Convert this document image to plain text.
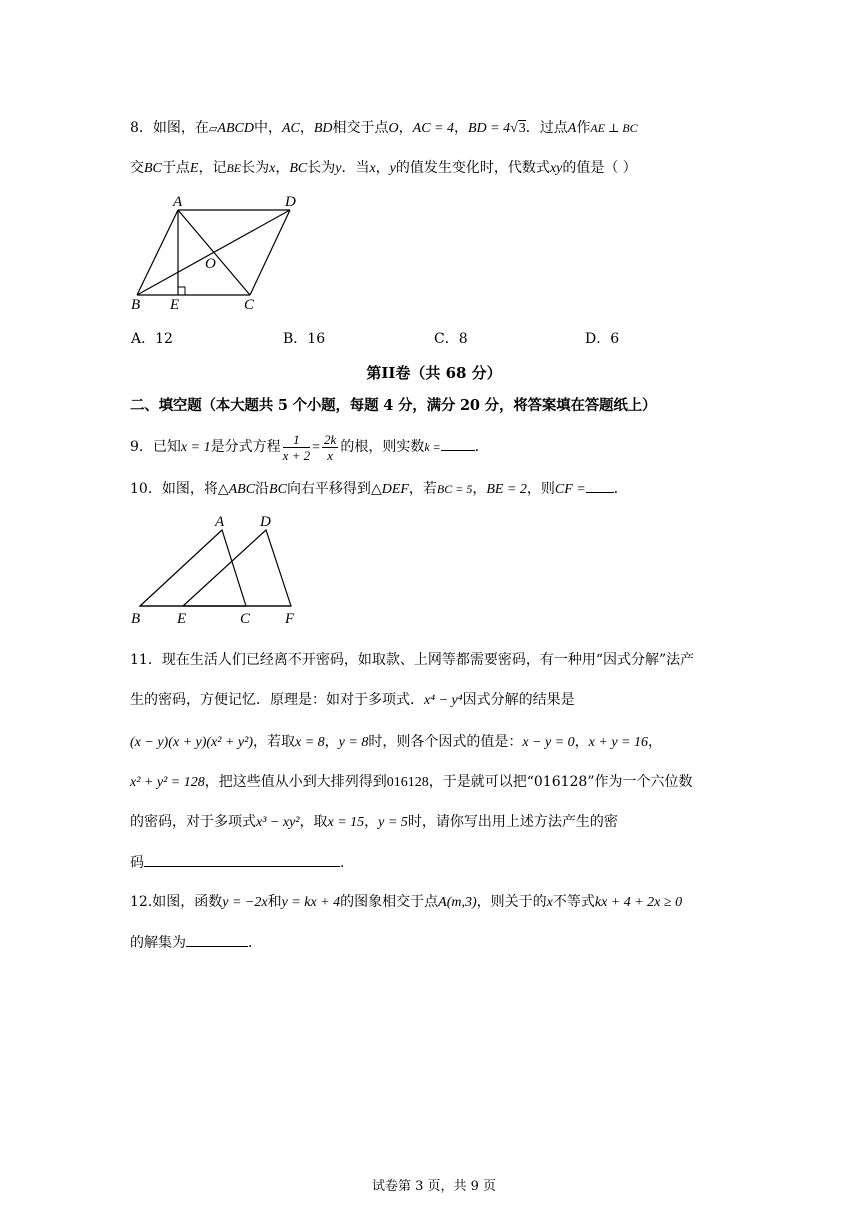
8．如图，在▱ABCD中，AC，BD相交于点O，AC = 4，BD = 4√3．过点A作AE ⊥ BC
交BC于点E，记BE长为x，BC长为y．当x，y的值发生变化时，代数式xy的值是（ ）
A	D
O
B E	C
A．12	B．16	C．8	D．6
第II卷（共 68 分）
二、填空题（本大题共 5 个小题，每题 4 分，满分 20 分，将答案填在答题纸上）
9．已知x = 1是分式方程 $\frac{1}{x + 2} = \frac{2k}{x}$ 的根，则实数k = ．
10．如图，将△ABC沿BC向右平移得到△DEF，若BC = 5，BE = 2，则CF = ．
A D
B E	C F
11．现在生活人们已经离不开密码，如取款、上网等都需要密码，有一种用“因式分解”法产
生的密码，方便记忆．原理是：如对于多项式．x⁴ − y⁴因式分解的结果是
(x − y)(x + y)(x² + y²)，若取x = 8，y = 8时，则各个因式的值是：x − y = 0，x + y = 16，
x² + y² = 128，把这些值从小到大排列得到016128，于是就可以把“016128”作为一个六位数
的密码，对于多项式x³ − xy²，取x = 15，y = 5时，请你写出用上述方法产生的密
码	．
12.如图，函数y = −2x和y = kx + 4的图象相交于点A(m,3)，则关于的x不等式kx + 4 + 2x ≥ 0
的解集为	．
试卷第 3 页，共 9 页
